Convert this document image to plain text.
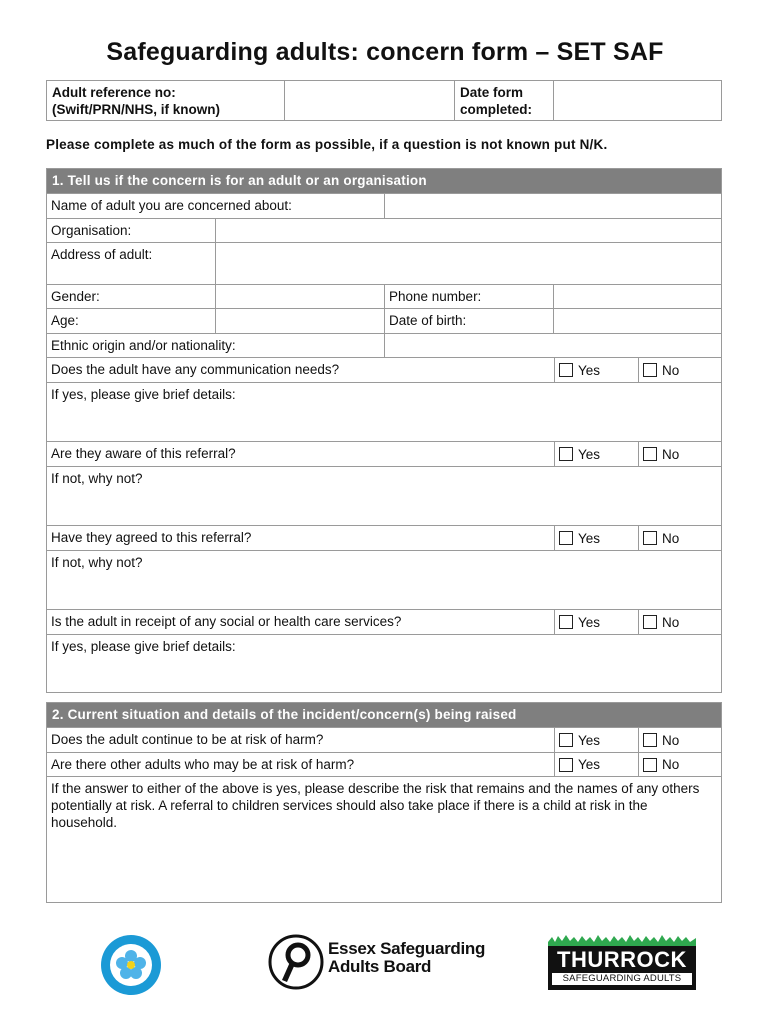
Safeguarding adults: concern form – SET SAF
Adult reference no:
(Swift/PRN/NHS, if known)
Date form
completed:
Please complete as much of the form as possible, if a question is not known put N/K.
1. Tell us if the concern is for an adult or an organisation
Name of adult you are concerned about:
Organisation:
Address of adult:
Gender:	Phone number:
Age:	Date of birth:
Ethnic origin and/or nationality:
Does the adult have any communication needs?	Yes	No
If yes, please give brief details:
Are they aware of this referral?	Yes	No
If not, why not?
Have they agreed to this referral?	Yes	No
If not, why not?
Is the adult in receipt of any social or health care services?	Yes	No
If yes, please give brief details:
2. Current situation and details of the incident/concern(s) being raised
Does the adult continue to be at risk of harm?	Yes	No
Are there other adults who may be at risk of harm?	Yes	No
If the answer to either of the above is yes, please describe the risk that remains and the names of any others potentially at risk. A referral to children services should also take place if there is a child at risk in the household.
Essex Safeguarding
Adults Board	THURROCK
SAFEGUARDING ADULTS
